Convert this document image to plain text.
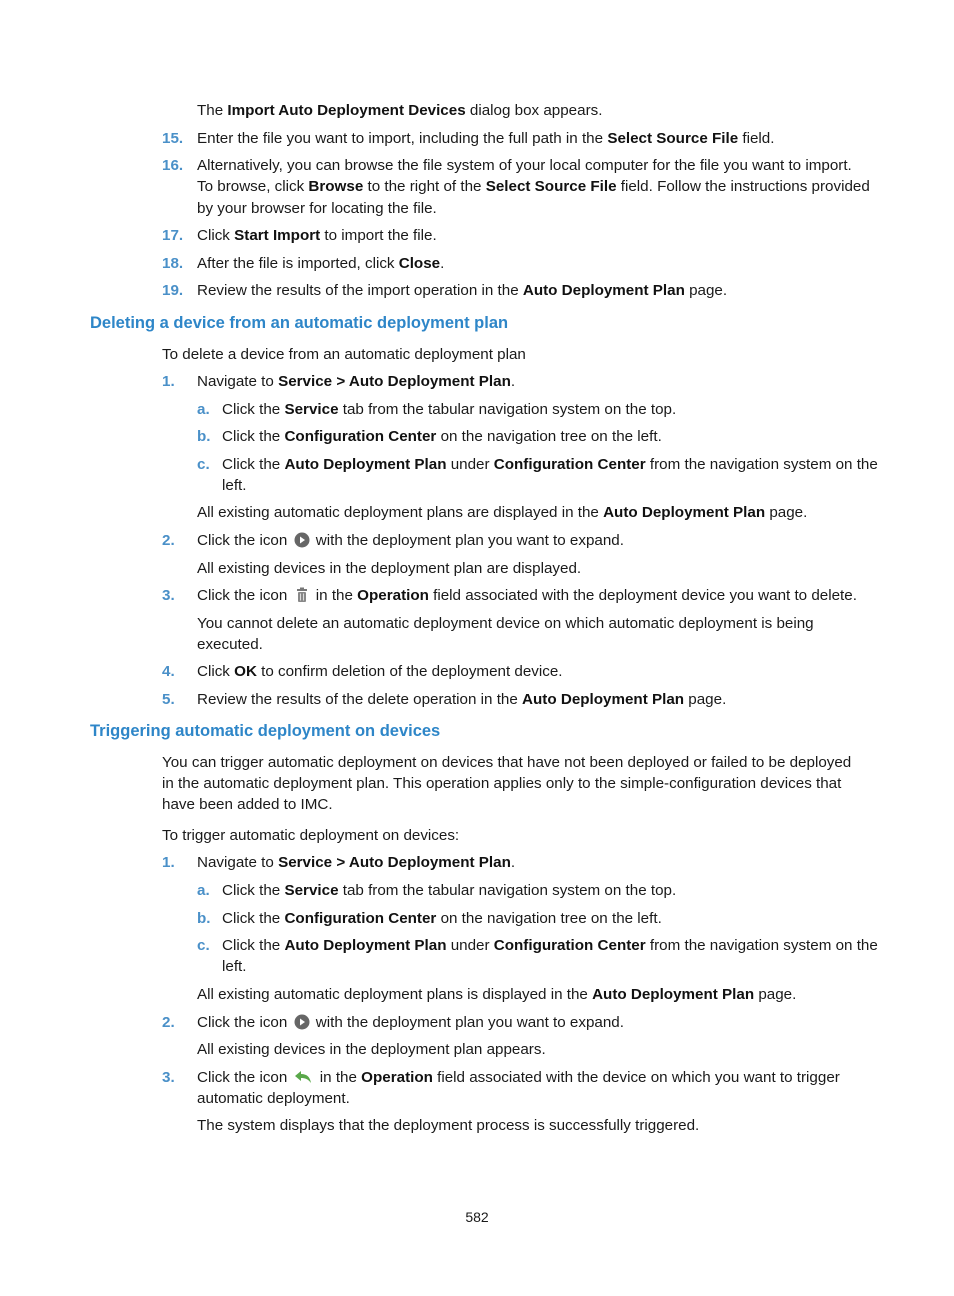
The Import Auto Deployment Devices dialog box appears.
15. Enter the file you want to import, including the full path in the Select Source File field.
16. Alternatively, you can browse the file system of your local computer for the file you want to import.
To browse, click Browse to the right of the Select Source File field. Follow the instructions provided
by your browser for locating the file.
17. Click Start Import to import the file.
18. After the file is imported, click Close.
19. Review the results of the import operation in the Auto Deployment Plan page.
Deleting a device from an automatic deployment plan
To delete a device from an automatic deployment plan
1. Navigate to Service > Auto Deployment Plan.
a. Click the Service tab from the tabular navigation system on the top.
b. Click the Configuration Center on the navigation tree on the left.
c. Click the Auto Deployment Plan under Configuration Center from the navigation system on the
left.
All existing automatic deployment plans are displayed in the Auto Deployment Plan page.
2. Click the icon with the deployment plan you want to expand.
All existing devices in the deployment plan are displayed.
3. Click the icon in the Operation field associated with the deployment device you want to delete.
You cannot delete an automatic deployment device on which automatic deployment is being
executed.
4. Click OK to confirm deletion of the deployment device.
5. Review the results of the delete operation in the Auto Deployment Plan page.
Triggering automatic deployment on devices
You can trigger automatic deployment on devices that have not been deployed or failed to be deployed
in the automatic deployment plan. This operation applies only to the simple-configuration devices that
have been added to IMC.
To trigger automatic deployment on devices:
1. Navigate to Service > Auto Deployment Plan.
a. Click the Service tab from the tabular navigation system on the top.
b. Click the Configuration Center on the navigation tree on the left.
c. Click the Auto Deployment Plan under Configuration Center from the navigation system on the
left.
All existing automatic deployment plans is displayed in the Auto Deployment Plan page.
2. Click the icon with the deployment plan you want to expand.
All existing devices in the deployment plan appears.
3. Click the icon in the Operation field associated with the device on which you want to trigger
automatic deployment.
The system displays that the deployment process is successfully triggered.
582
